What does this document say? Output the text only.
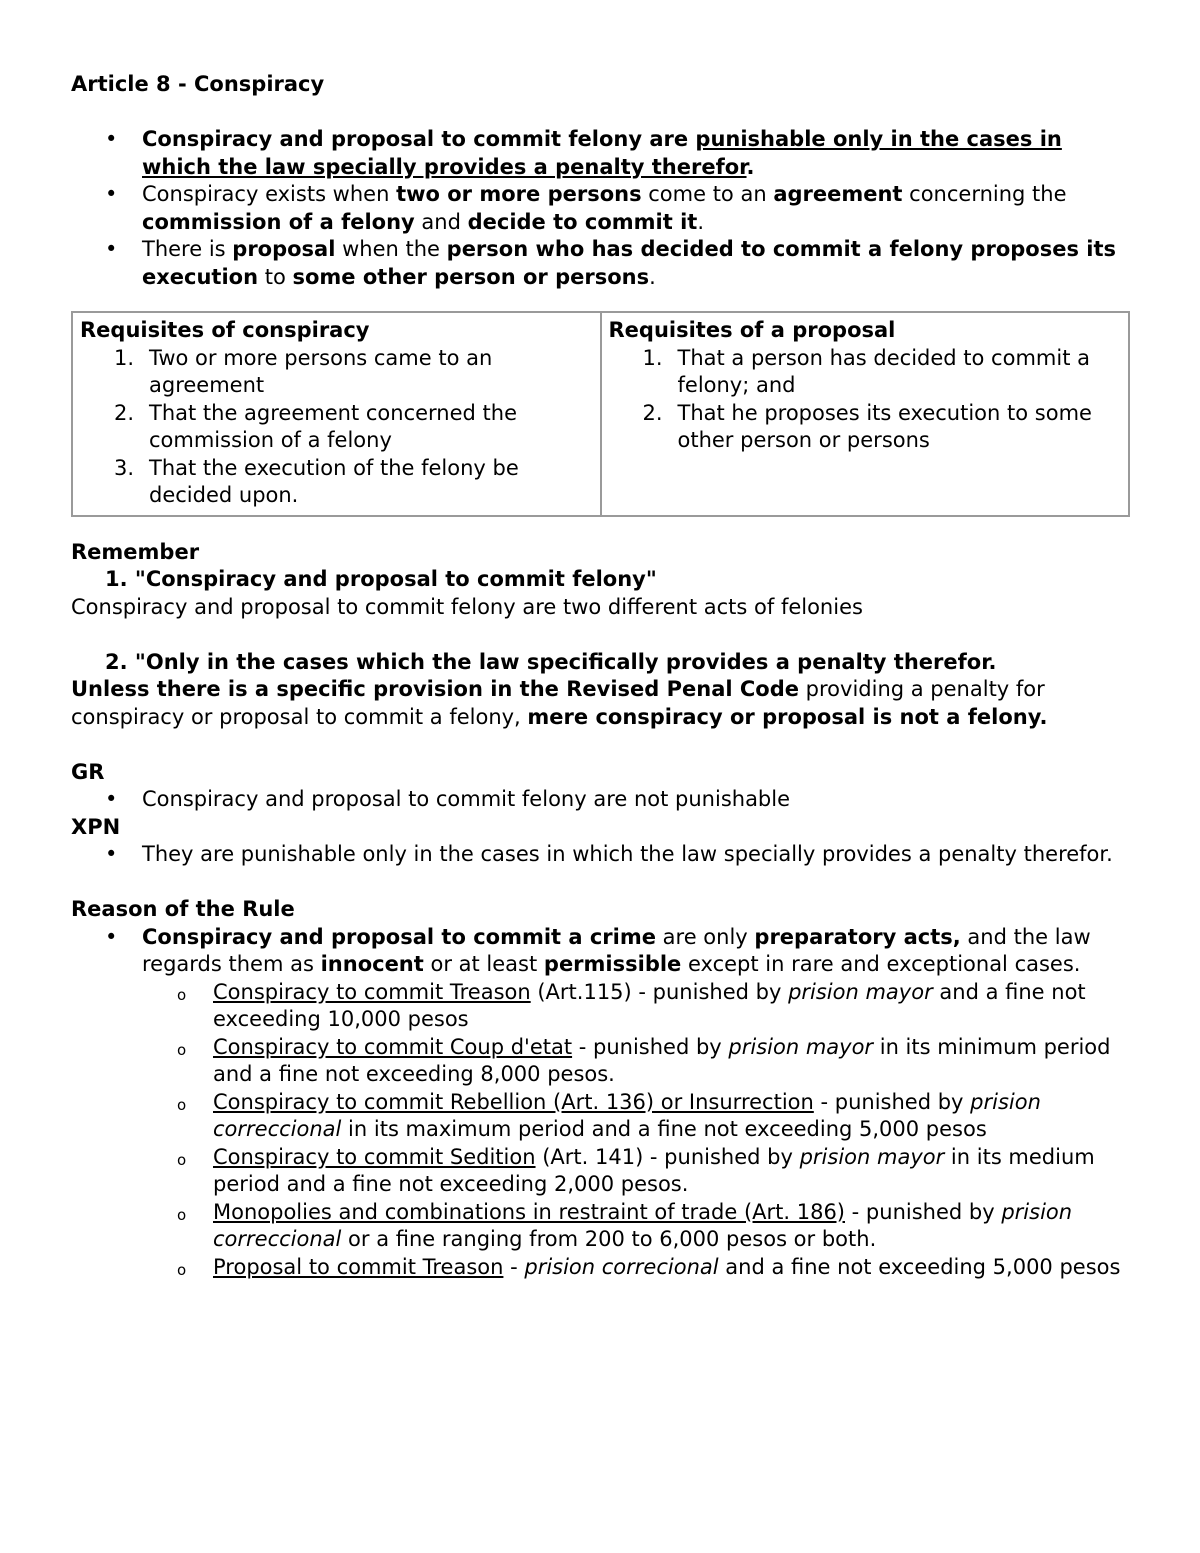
Article 8 - Conspiracy

• Conspiracy and proposal to commit felony are punishable only in the cases in which the law specially provides a penalty therefor.
• Conspiracy exists when two or more persons come to an agreement concerning the commission of a felony and decide to commit it.
• There is proposal when the person who has decided to commit a felony proposes its execution to some other person or persons.

Requisites of conspiracy

1. Two or more persons came to an agreement
2. That the agreement concerned the commission of a felony
3. That the execution of the felony be decided upon.

Requisites of a proposal

1. That a person has decided to commit a felony; and
2. That he proposes its execution to some other person or persons

Remember

1. "Conspiracy and proposal to commit felony"

Conspiracy and proposal to commit felony are two different acts of felonies

2. "Only in the cases which the law specifically provides a penalty therefor.

Unless there is a specific provision in the Revised Penal Code providing a penalty for conspiracy or proposal to commit a felony, mere conspiracy or proposal is not a felony.

GR

• Conspiracy and proposal to commit felony are not punishable

XPN

• They are punishable only in the cases in which the law specially provides a penalty therefor.

Reason of the Rule

• Conspiracy and proposal to commit a crime are only preparatory acts, and the law regards them as innocent or at least permissible except in rare and exceptional cases.
o Conspiracy to commit Treason (Art.115) - punished by prision mayor and a fine not exceeding 10,000 pesos
o Conspiracy to commit Coup d'etat - punished by prision mayor in its minimum period and a fine not exceeding 8,000 pesos.
o Conspiracy to commit Rebellion (Art. 136) or Insurrection - punished by prision correccional in its maximum period and a fine not exceeding 5,000 pesos
o Conspiracy to commit Sedition (Art. 141) - punished by prision mayor in its medium period and a fine not exceeding 2,000 pesos.
o Monopolies and combinations in restraint of trade (Art. 186) - punished by prision correccional or a fine ranging from 200 to 6,000 pesos or both.
o Proposal to commit Treason - prision correcional and a fine not exceeding 5,000 pesos
